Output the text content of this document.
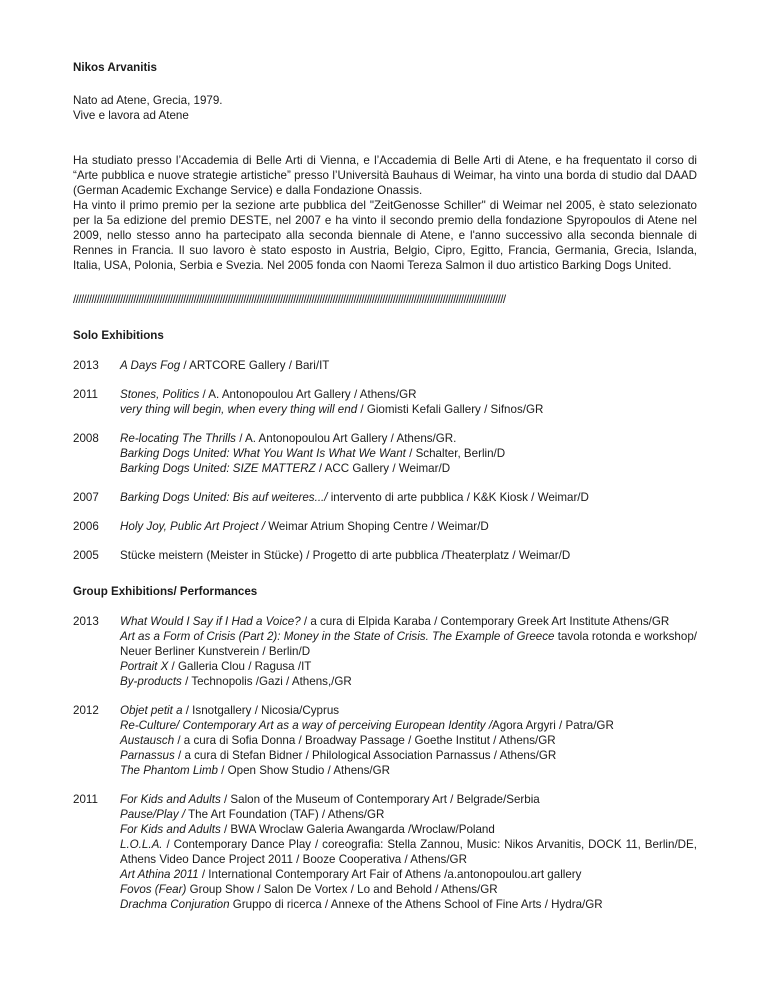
Nikos Arvanitis
Nato ad Atene, Grecia, 1979.
Vive e lavora ad Atene
Ha studiato presso l’Accademia di Belle Arti di Vienna, e l’Accademia di Belle Arti di Atene, e ha frequentato il corso di “Arte pubblica e nuove strategie artistiche” presso l’Università Bauhaus di Weimar, ha vinto una borda di studio dal DAAD (German Academic Exchange Service) e dalla Fondazione Onassis.
Ha vinto il primo premio per la sezione arte pubblica del "ZeitGenosse Schiller" di Weimar nel 2005, è stato selezionato per la 5a edizione del premio DESTE, nel 2007 e ha vinto il secondo premio della fondazione Spyropoulos di Atene nel 2009, nello stesso anno ha partecipato alla seconda biennale di Atene, e l'anno successivo alla seconda biennale di Rennes in Francia. Il suo lavoro è stato esposto in Austria, Belgio, Cipro, Egitto, Francia, Germania, Grecia, Islanda, Italia, USA, Polonia, Serbia e Svezia. Nel 2005 fonda con Naomi Tereza Salmon il duo artistico Barking Dogs United.
/////////////////////////////////////////////////////////////////////////////////////////////////////////////////////////////////////////////////////////////////////
Solo Exhibitions
2013	A Days Fog / ARTCORE Gallery / Bari/IT
2011	Stones, Politics / A. Antonopoulou Art Gallery / Athens/GR
very thing will begin, when every thing will end / Giomisti Kefali Gallery / Sifnos/GR
2008	Re-locating The Thrills / A. Antonopoulou Art Gallery / Athens/GR.
Barking Dogs United: What You Want Is What We Want / Schalter, Berlin/D
Barking Dogs United: SIZE MATTERZ / ACC Gallery / Weimar/D
2007	Barking Dogs United: Bis auf weiteres.../ intervento di arte pubblica / K&K Kiosk / Weimar/D
2006	Holy Joy, Public Art Project / Weimar Atrium Shoping Centre / Weimar/D
2005	Stücke meistern (Meister in Stücke) / Progetto di arte pubblica /Theaterplatz / Weimar/D
Group Exhibitions/ Performances
2013	What Would I Say if I Had a Voice? / a cura di Elpida Karaba / Contemporary Greek Art Institute Athens/GR
Art as a Form of Crisis (Part 2): Money in the State of Crisis. The Example of Greece tavola rotonda e workshop/ Neuer Berliner Kunstverein / Berlin/D
Portrait X / Galleria Clou / Ragusa /IT
By-products / Technopolis /Gazi / Athens,/GR
2012	Objet petit a / Isnotgallery / Nicosia/Cyprus
Re-Culture/ Contemporary Art as a way of perceiving European Identity /Agora Argyri / Patra/GR
Austausch / a cura di Sofia Donna / Broadway Passage / Goethe Institut / Athens/GR
Parnassus / a cura di Stefan Bidner / Philological Association Parnassus / Athens/GR
The Phantom Limb / Open Show Studio / Athens/GR
2011	For Kids and Adults / Salon of the Museum of Contemporary Art / Belgrade/Serbia
Pause/Play / The Art Foundation (TAF) / Athens/GR
For Kids and Adults / BWA Wroclaw Galeria Awangarda /Wroclaw/Poland
L.O.L.A. / Contemporary Dance Play / coreografia: Stella Zannou, Music: Nikos Arvanitis, DOCK 11, Berlin/DE, Athens Video Dance Project 2011 / Booze Cooperativa / Athens/GR
Art Athina 2011 / International Contemporary Art Fair of Athens /a.antonopoulou.art gallery
Fovos (Fear) Group Show / Salon De Vortex / Lo and Behold / Athens/GR
Drachma Conjuration Gruppo di ricerca / Annexe of the Athens School of Fine Arts / Hydra/GR
